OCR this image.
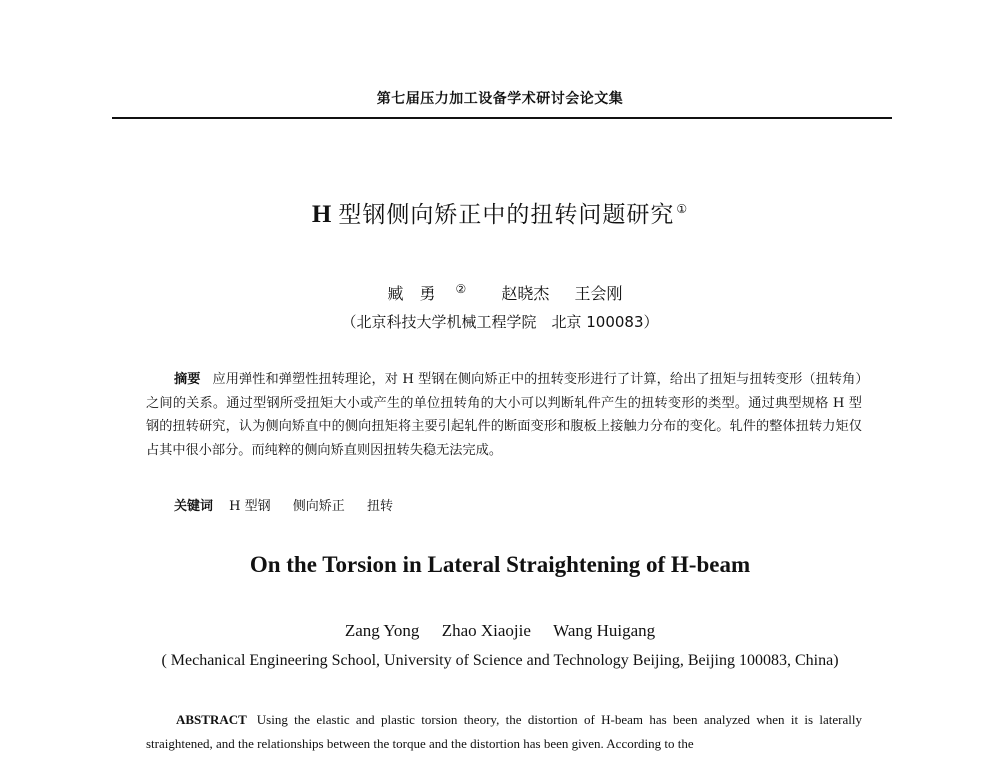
第七届压力加工设备学术研讨会论文集
H 型钢侧向矫正中的扭转问题研究 ①
臧　勇 ② 赵晓杰 王会刚
（北京科技大学机械工程学院　北京 100083）
摘要 应用弹性和弹塑性扭转理论，对 H 型钢在侧向矫正中的扭转变形进行了计算，给出了扭矩与扭转变形（扭转角）之间的关系。通过型钢所受扭矩大小或产生的单位扭转角的大小可以判断轧件产生的扭转变形的类型。通过典型规格 H 型钢的扭转研究，认为侧向矫直中的侧向扭矩将主要引起轧件的断面变形和腹板上接触力分布的变化。轧件的整体扭转力矩仅占其中很小部分。而纯粹的侧向矫直则因扭转失稳无法完成。
关键词 H 型钢 侧向矫正 扭转
On the Torsion in Lateral Straightening of H-beam
Zang Yong Zhao Xiaojie Wang Huigang
( Mechanical Engineering School, University of Science and Technology Beijing, Beijing 100083, China)
ABSTRACT Using the elastic and plastic torsion theory, the distortion of H-beam has been analyzed when it is laterally straightened, and the relationships between the torque and the distortion has been given. According to the
